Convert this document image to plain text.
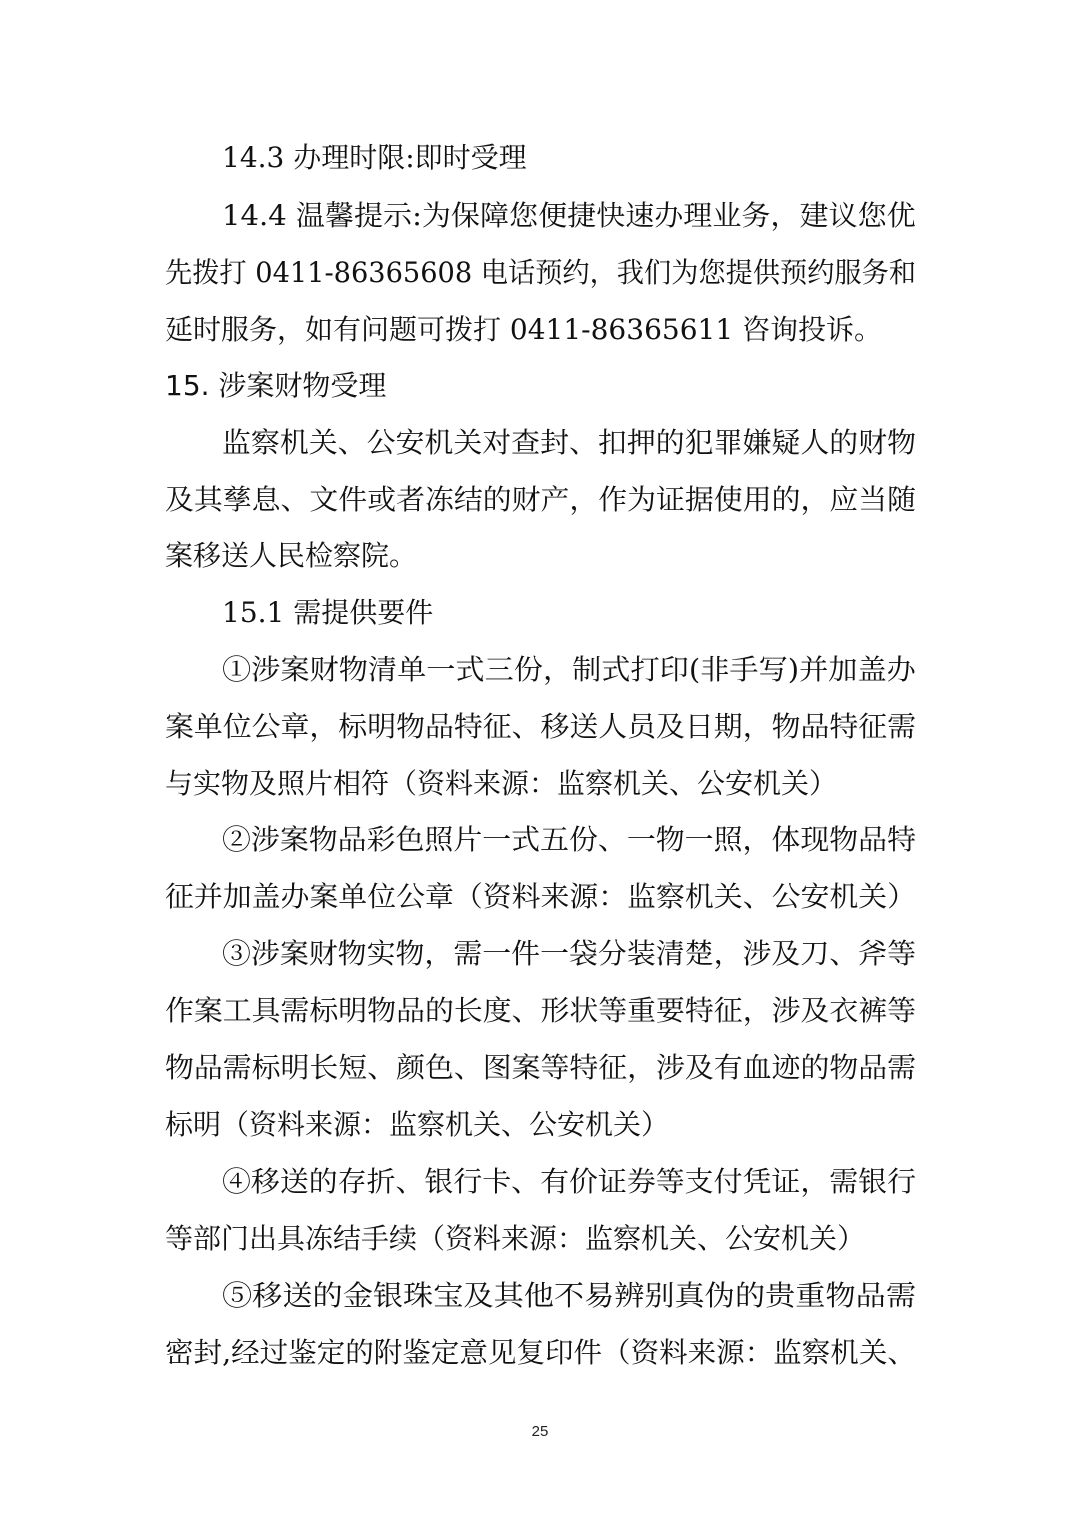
14.3 办理时限:即时受理
14.4 温馨提示:为保障您便捷快速办理业务，建议您优
先拨打 0411-86365608 电话预约，我们为您提供预约服务和
延时服务，如有问题可拨打 0411-86365611 咨询投诉。
15. 涉案财物受理
监察机关、公安机关对查封、扣押的犯罪嫌疑人的财物
及其孳息、文件或者冻结的财产，作为证据使用的，应当随
案移送人民检察院。
15.1 需提供要件
①涉案财物清单一式三份，制式打印(非手写)并加盖办
案单位公章，标明物品特征、移送人员及日期，物品特征需
与实物及照片相符（资料来源：监察机关、公安机关）
②涉案物品彩色照片一式五份、一物一照，体现物品特
征并加盖办案单位公章（资料来源：监察机关、公安机关）
③涉案财物实物，需一件一袋分装清楚，涉及刀、斧等
作案工具需标明物品的长度、形状等重要特征，涉及衣裤等
物品需标明长短、颜色、图案等特征，涉及有血迹的物品需
标明（资料来源：监察机关、公安机关）
④移送的存折、银行卡、有价证券等支付凭证，需银行
等部门出具冻结手续（资料来源：监察机关、公安机关）
⑤移送的金银珠宝及其他不易辨别真伪的贵重物品需
密封,经过鉴定的附鉴定意见复印件（资料来源：监察机关、
25
